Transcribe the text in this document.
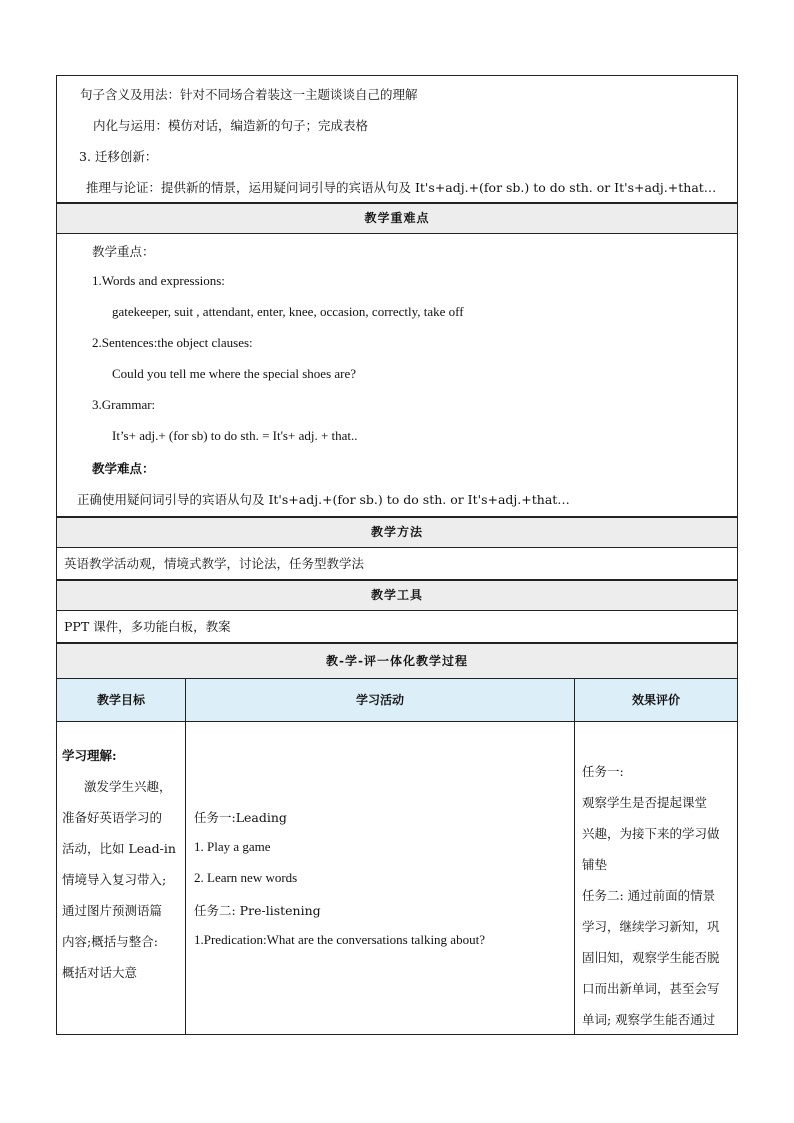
句子含义及用法：针对不同场合着装这一主题谈谈自己的理解
内化与运用：模仿对话，编造新的句子；完成表格
3. 迁移创新：
推理与论证：提供新的情景，运用疑问词引导的宾语从句及 It's+adj.+(for sb.) to do sth. or It's+adj.+that…
教学重难点
教学重点：
1.Words and expressions:
gatekeeper, suit , attendant, enter, knee, occasion, correctly, take off
2.Sentences:the object clauses:
Could you tell me where the special shoes are?
3.Grammar:
It’s+ adj.+ (for sb) to do sth. = It's+ adj. + that..
教学难点：
正确使用疑问词引导的宾语从句及 It's+adj.+(for sb.) to do sth. or It's+adj.+that…
教学方法
英语教学活动观，情境式教学，讨论法，任务型教学法
教学工具
PPT 课件，多功能白板，教案
教-学-评一体化教学过程
教学目标	学习活动	效果评价
学习理解:
激发学生兴趣，
准备好英语学习的
活动，比如 Lead-in
情境导入复习带入;
通过图片预测语篇
内容;概括与整合:
概括对话大意
任务一:Leading
1. Play a game
2. Learn new words
任务二: Pre-listening
1.Predication:What are the conversations talking about?
任务一:
观察学生是否提起课堂
兴趣，为接下来的学习做
铺垫
任务二: 通过前面的情景
学习，继续学习新知，巩
固旧知，观察学生能否脱
口而出新单词，甚至会写
单词; 观察学生能否通过
